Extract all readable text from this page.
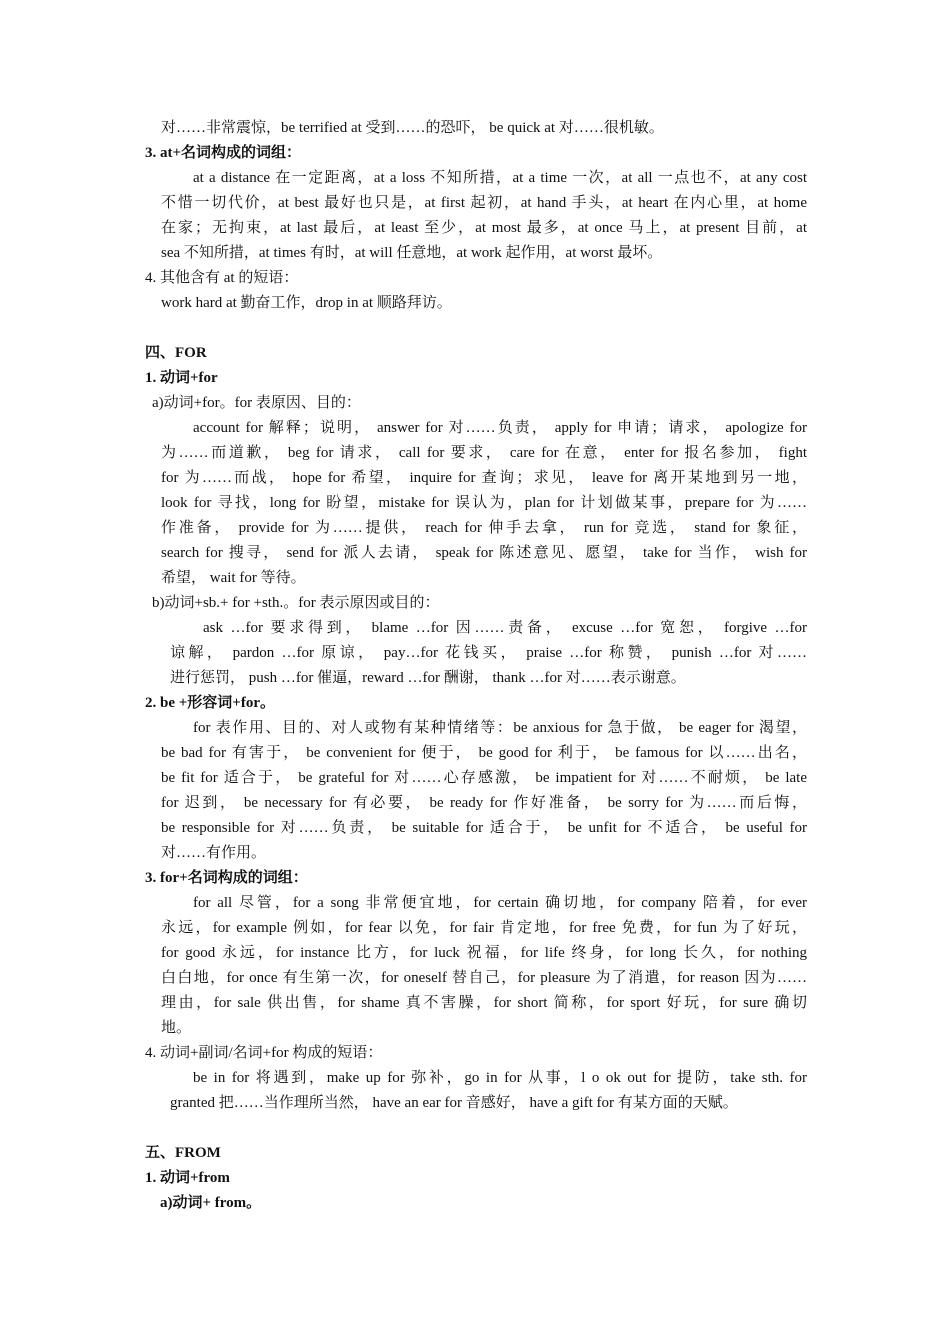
对……非常震惊，be terrified at 受到……的恐吓， be quick at 对……很机敏。
3. at+名词构成的词组：
at a distance 在一定距离，at a loss 不知所措，at a time 一次，at all 一点也不，at any cost
不惜一切代价，at best 最好也只是，at first 起初，at hand 手头，at heart 在内心里，at home
在家；无拘束，at last 最后，at least 至少，at most 最多，at once 马上，at present 目前，at
sea 不知所措，at times 有时，at will 任意地，at work 起作用，at worst 最坏。
4. 其他含有 at 的短语：
work hard at 勤奋工作，drop in at 顺路拜访。
四、FOR
1. 动词+for
a)动词+for。for 表原因、目的：
account for 解释；说明， answer for 对……负责， apply for 申请；请求， apologize for
为……而道歉， beg for 请求， call for 要求， care for 在意， enter for 报名参加， fight
for 为……而战， hope for 希望， inquire for 查询；求见， leave for 离开某地到另一地，
look for 寻找，long for 盼望，mistake for 误认为，plan for 计划做某事，prepare for 为……
作准备， provide for 为……提供， reach for 伸手去拿， run for 竞选， stand for 象征，
search for 搜寻， send for 派人去请， speak for 陈述意见、愿望， take for 当作， wish for
希望， wait for 等待。
b)动词+sb.+ for +sth.。for 表示原因或目的：
ask …for 要求得到， blame …for 因……责备， excuse …for 宽恕， forgive …for
谅解， pardon …for 原谅， pay…for 花钱买， praise …for 称赞， punish …for 对……
进行惩罚， push …for 催逼，reward …for 酬谢， thank …for 对……表示谢意。
2. be +形容词+for。
for 表作用、目的、对人或物有某种情绪等：be anxious for 急于做， be eager for 渴望，
be bad for 有害于， be convenient for 便于， be good for 利于， be famous for 以……出名，
be fit for 适合于， be grateful for 对……心存感激， be impatient for 对……不耐烦， be late
for 迟到， be necessary for 有必要， be ready for 作好准备， be sorry for 为……而后悔，
be responsible for 对……负责， be suitable for 适合于， be unfit for 不适合， be useful for
对……有作用。
3. for+名词构成的词组：
for all 尽管，for a song 非常便宜地，for certain 确切地，for company 陪着，for ever
永远，for example 例如，for fear 以免，for fair 肯定地，for free 免费，for fun 为了好玩，
for good 永远，for instance 比方，for luck 祝福，for life 终身，for long 长久，for nothing
白白地，for once 有生第一次，for oneself 替自己，for pleasure 为了消遣，for reason 因为……
理由，for sale 供出售，for shame 真不害臊，for short 简称，for sport 好玩，for sure 确切
地。
4. 动词+副词/名词+for 构成的短语：
be in for 将遇到，make up for 弥补，go in for 从事，l o ok out for 提防，take sth. for
granted 把……当作理所当然， have an ear for 音感好， have a gift for 有某方面的天赋。
五、FROM
1. 动词+from
a)动词+ from。
